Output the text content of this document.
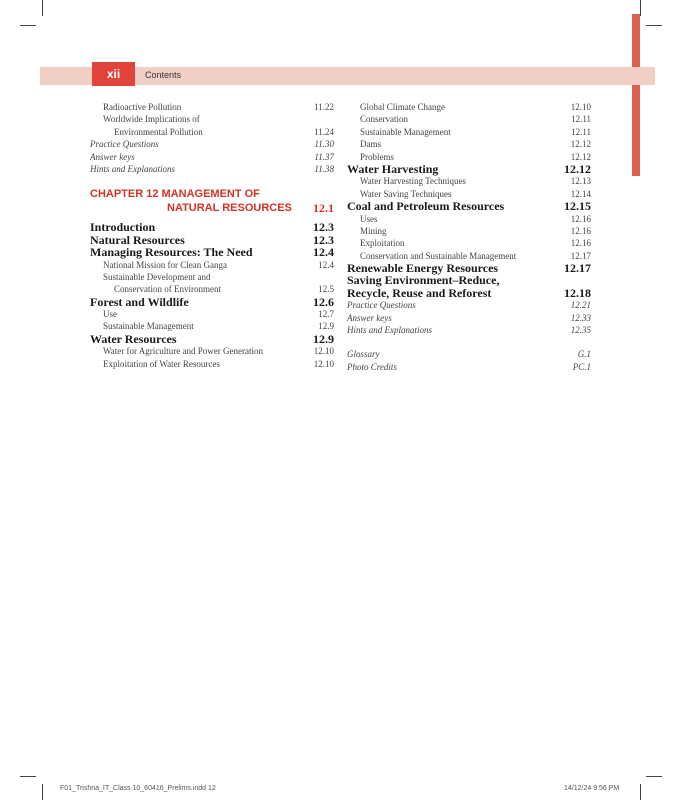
xii	Contents
Radioactive Pollution	11.22
Worldwide Implications of
Environmental Pollution	11.24
Practice Questions	11.30
Answer keys	11.37
Hints and Explanations	11.38
CHAPTER 12 MANAGEMENT OF
NATURAL RESOURCES 12.1
Introduction	12.3
Natural Resources	12.3
Managing Resources: The Need	12.4
National Mission for Clean Ganga	12.4
Sustainable Development and
Conservation of Environment	12.5
Forest and Wildlife	12.6
Use	12.7
Sustainable Management	12.9
Water Resources	12.9
Water for Agriculture and Power Generation	12.10
Exploitation of Water Resources	12.10
Global Climate Change	12.10
Conservation	12.11
Sustainable Management	12.11
Dams	12.12
Problems	12.12
Water Harvesting	12.12
Water Harvesting Techniques	12.13
Water Saving Techniques	12.14
Coal and Petroleum Resources	12.15
Uses	12.16
Mining	12.16
Exploitation	12.16
Conservation and Sustainable Management	12.17
Renewable Energy Resources	12.17
Saving Environment–Reduce,
Recycle, Reuse and Reforest	12.18
Practice Questions	12.21
Answer keys	12.33
Hints and Explanations	12.35
Glossary	G.1
Photo Credits	PC.1
F01_Trishna_IT_Class 10_60416_Prelims.indd 12	14/12/24 9:56 PM
